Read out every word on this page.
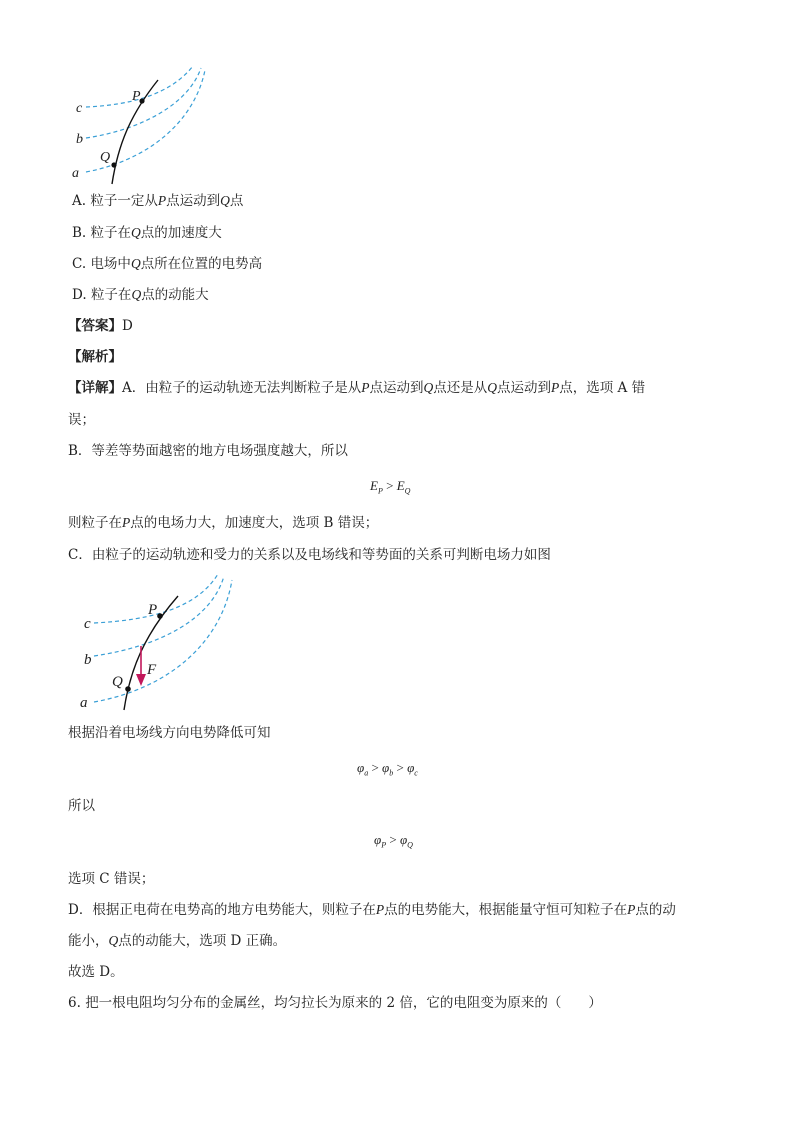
c
b
a
P
Q
A. 粒子一定从P点运动到Q点
B. 粒子在Q点的加速度大
C. 电场中Q点所在位置的电势高
D. 粒子在Q点的动能大
【答案】D
【解析】
【详解】A．由粒子的运动轨迹无法判断粒子是从P点运动到Q点还是从Q点运动到P点，选项 A 错
误；
B．等差等势面越密的地方电场强度越大，所以
$E_P > E_Q$
则粒子在P点的电场力大，加速度大，选项 B 错误；
C．由粒子的运动轨迹和受力的关系以及电场线和等势面的关系可判断电场力如图
c
b
a
P
Q
F
根据沿着电场线方向电势降低可知
$\varphi_a > \varphi_b > \varphi_c$
所以
$\varphi_P > \varphi_Q$
选项 C 错误；
D．根据正电荷在电势高的地方电势能大，则粒子在P点的电势能大，根据能量守恒可知粒子在P点的动
能小，Q点的动能大，选项 D 正确。
故选 D。
6. 把一根电阻均匀分布的金属丝，均匀拉长为原来的 2 倍，它的电阻变为原来的（　　）
